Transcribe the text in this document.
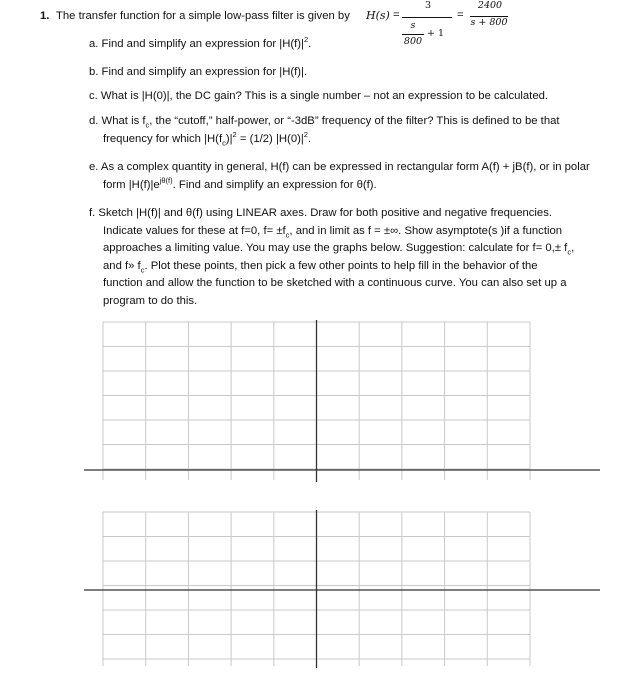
1. The transfer function for a simple low-pass filter is given by H(s) =
3
s
800
+ 1
=
2400
s + 800
a. Find and simplify an expression for $|H(f)|^2$.
b. Find and simplify an expression for |H(f)|.
c. What is |H(0)|, the DC gain? This is a single number – not an expression to be calculated.
d. What is $f_c$, the “cutoff,” half-power, or “-3dB” frequency of the filter? This is defined to be that
frequency for which $|H(f_c)|^2 = (1/2)$ $|H(0)|^2$.
e. As a complex quantity in general, H(f) can be expressed in rectangular form A(f) + jB(f), or in polar
form $|H(f)|e^{j\theta(f)}$. Find and simplify an expression for θ(f).
f. Sketch |H(f)| and θ(f) using LINEAR axes. Draw for both positive and negative frequencies.
Indicate values for these at f=0, $f= \pm f_c$, and in limit as f = ±∞. Show asymptote(s )if a function
approaches a limiting value. You may use the graphs below. Suggestion: calculate for $f= 0,\pm f_c$,
and f» $f_c$. Plot these points, then pick a few other points to help fill in the behavior of the
function and allow the function to be sketched with a continuous curve. You can also set up a
program to do this.
